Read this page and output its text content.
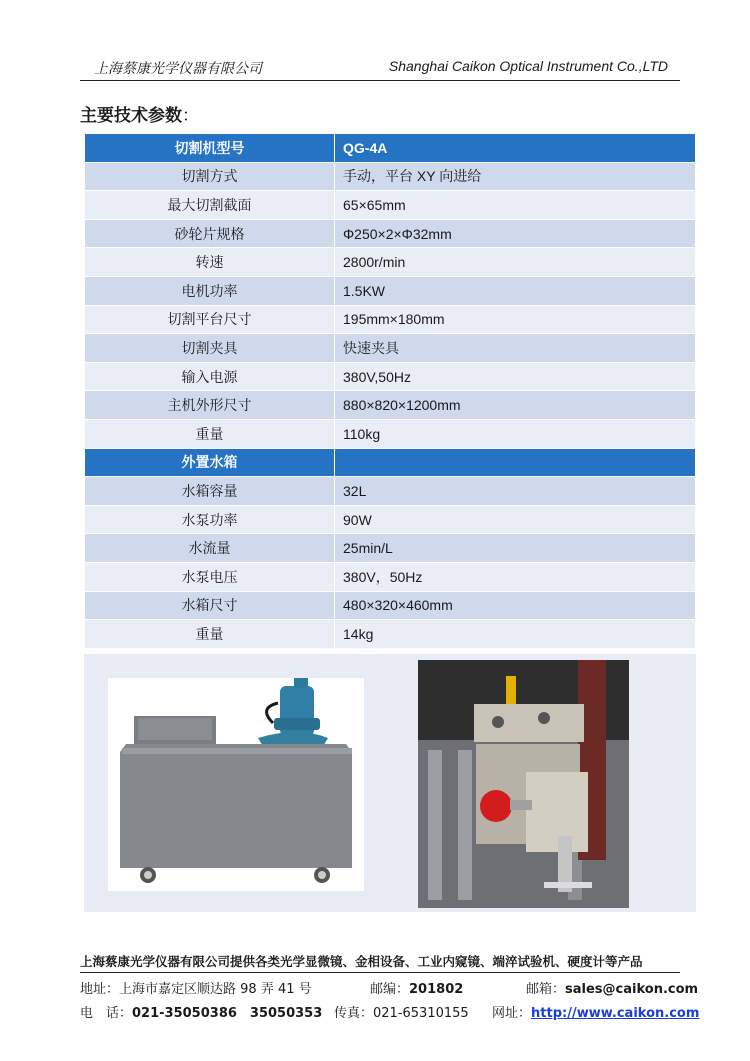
上海蔡康光学仪器有限公司	Shanghai Caikon Optical Instrument Co.,LTD
主要技术参数：
切割机型号	QG-4A
切割方式	手动，平台 XY 向进给
最大切割截面	65×65mm
砂轮片规格	Φ250×2×Φ32mm
转速	2800r/min
电机功率	1.5KW
切割平台尺寸	195mm×180mm
切割夹具	快速夹具
输入电源	380V,50Hz
主机外形尺寸	880×820×1200mm
重量	110kg
外置水箱	
水箱容量	32L
水泵功率	90W
水流量	25min/L
水泵电压	380V，50Hz
水箱尺寸	480×320×460mm
重量	14kg
上海蔡康光学仪器有限公司提供各类光学显微镜、金相设备、工业内窥镜、端淬试验机、硬度计等产品
地址：上海市嘉定区顺达路 98 弄 41 号	邮编：201802	邮箱：sales@caikon.com
电　话：021-35050386　35050353 传真：021-65310155 网址：http://www.caikon.com
